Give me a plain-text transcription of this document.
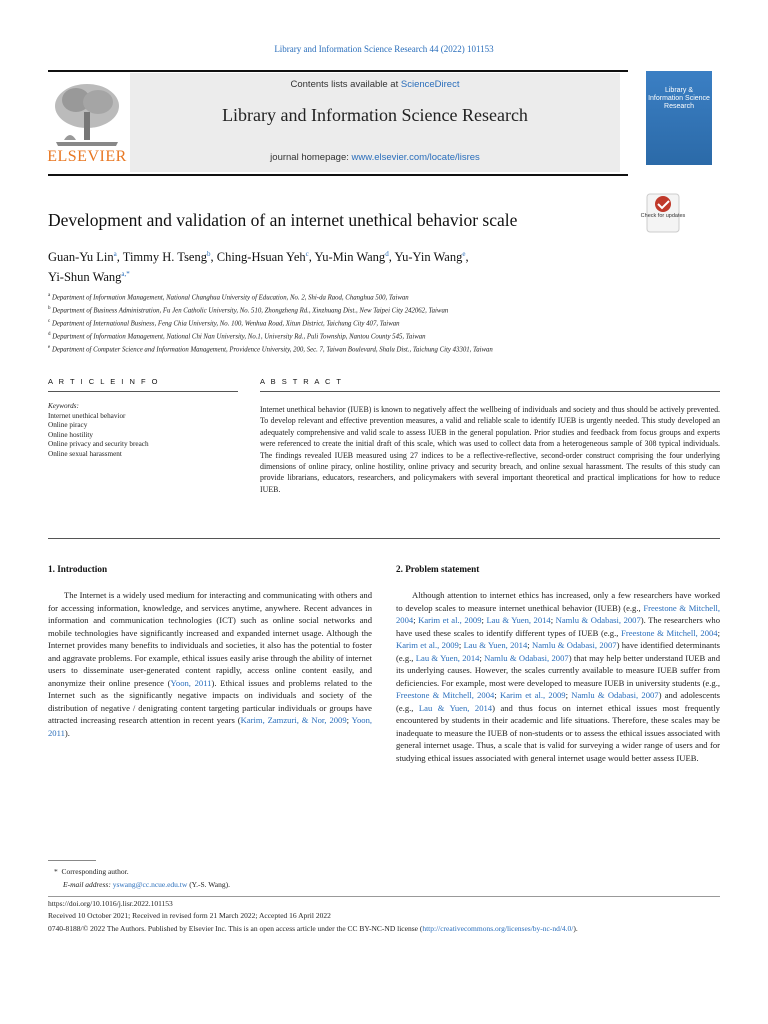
Library and Information Science Research 44 (2022) 101153
Contents lists available at ScienceDirect
Library and Information Science Research
journal homepage: www.elsevier.com/locate/lisres
ELSEVIER
Library & Information Science Research
Development and validation of an internet unethical behavior scale	Check for updates
Guan-Yu Lin$^a$, Timmy H. Tseng$^b$, Ching-Hsuan Yeh$^c$, Yu-Min Wang$^d$, Yu-Yin Wang$^e$,
Yi-Shun Wang$^{a,*}$
$^a$ Department of Information Management, National Changhua University of Education, No. 2, Shi-da Raod, Changhua 500, Taiwan
$^b$ Department of Business Administration, Fu Jen Catholic University, No. 510, Zhongzheng Rd., Xinzhuang Dist., New Taipei City 242062, Taiwan
$^c$ Department of International Business, Feng Chia University, No. 100, Wenhua Road, Xitun District, Taichung City 407, Taiwan
$^d$ Department of Information Management, National Chi Nan University, No.1, University Rd., Puli Township, Nantou County 545, Taiwan
$^e$ Department of Computer Science and Information Management, Providence University, 200, Sec. 7, Taiwan Boulevard, Shalu Dist., Taichung City 43301, Taiwan
A R T I C L E I N F O	A B S T R A C T
Keywords:
Internet unethical behavior
Online piracy
Online hostility
Online privacy and security breach
Online sexual harassment
Internet unethical behavior (IUEB) is known to negatively affect the wellbeing of individuals and society and thus should be actively prevented. To develop relevant and effective prevention measures, a valid and reliable scale to identify IUEB is urgently needed. This study developed an adequately comprehensive and valid scale to assess IUEB in the general population. Prior studies and feedback from focus groups and experts were referenced to create the initial draft of this scale, which was used to collect data from a heterogeneous sample of 308 typical individuals. The findings revealed IUEB measured using 27 indices to be a reflective-reflective, second-order construct comprising the four underlying dimensions of online piracy, online hostility, online privacy and security breach, and online sexual harassment. The results of this study can provide librarians, educators, researchers, and policymakers with several important theoretical and practical implications for how to reduce IUEB.
1. Introduction

The Internet is a widely used medium for interacting and communicating with others and for accessing information, knowledge, and services anytime, anywhere. Recent advances in information and communication technologies (ICT) such as online social networks and mobile technologies have significantly increased and expanded internet usage. Although the Internet provides many benefits to individuals and societies, it also has the potential to foster and aggravate problems. For example, ethical issues easily arise through the ability of internet users to disseminate user-generated content rapidly, access online content easily, and anonymize their online presence (Yoon, 2011). Ethical issues and problems related to the Internet such as the significantly negative impacts on individuals and society of the distribution of negative / denigrating content targeting particular individuals or groups have attracted increasing research attention in recent years (Karim, Zamzuri, & Nor, 2009; Yoon, 2011).

2. Problem statement

Although attention to internet ethics has increased, only a few researchers have worked to develop scales to measure internet unethical behavior (IUEB) (e.g., Freestone & Mitchell, 2004; Karim et al., 2009; Lau & Yuen, 2014; Namlu & Odabasi, 2007). The researchers who have used these scales to identify different types of IUEB (e.g., Freestone & Mitchell, 2004; Karim et al., 2009; Lau & Yuen, 2014; Namlu & Odabasi, 2007) have identified determinants (e.g., Lau & Yuen, 2014; Namlu & Odabasi, 2007) that may help better understand IUEB and its underlying causes. However, the scales currently available to measure IUEB suffer from deficiencies. For example, most were developed to measure IUEB in university students (e.g., Freestone & Mitchell, 2004; Karim et al., 2009; Namlu & Odabasi, 2007) and adolescents (e.g., Lau & Yuen, 2014) and thus focus on internet ethical issues most frequently encountered by students in their academic and life situations. Therefore, these scales may be inadequate to measure the IUEB of non-students or to assess the ethical issues associated with general internet usage. Thus, a scale that is valid for surveying a wider range of users and for studying ethical issues associated with general internet usage would better assess IUEB.

* Corresponding author.
E-mail address: yswang@cc.ncue.edu.tw (Y.-S. Wang).
https://doi.org/10.1016/j.lisr.2022.101153
Received 10 October 2021; Received in revised form 21 March 2022; Accepted 16 April 2022
0740-8188/© 2022 The Authors. Published by Elsevier Inc. This is an open access article under the CC BY-NC-ND license (http://creativecommons.org/licenses/by-nc-nd/4.0/).
